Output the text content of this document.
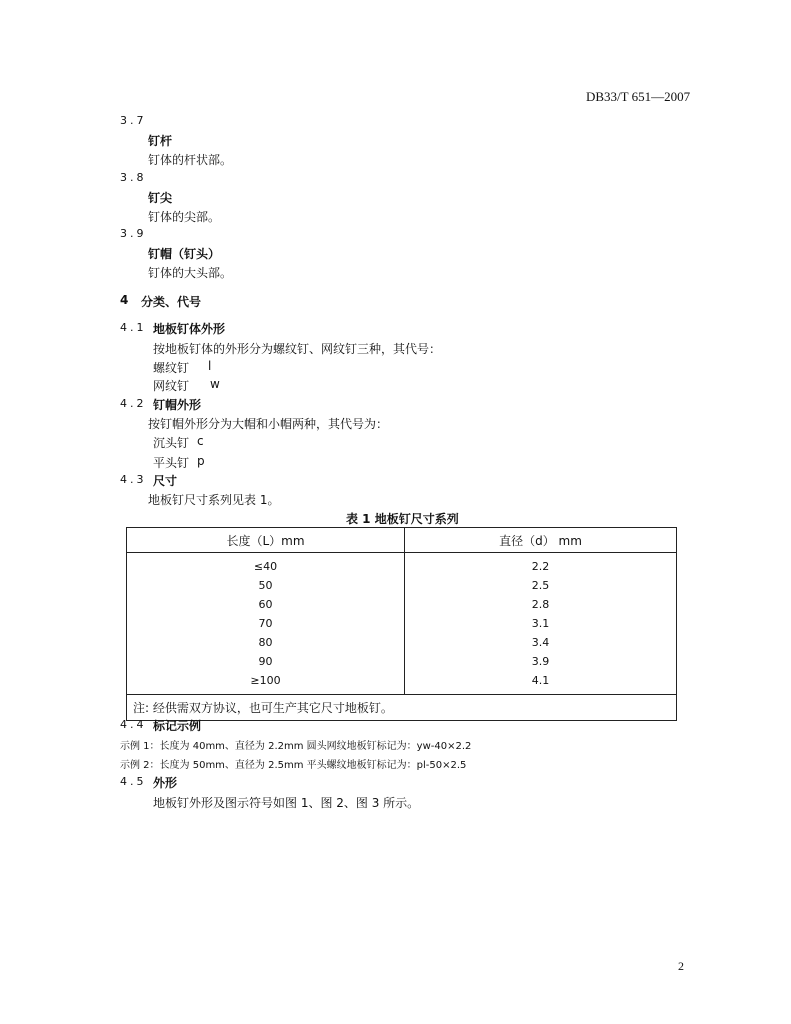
DB33/T 651—2007
3.7
钉杆
钉体的杆状部。
3.8
钉尖
钉体的尖部。
3.9
钉帽（钉头）
钉体的大头部。
4 分类、代号
4.1 地板钉体外形
按地板钉体的外形分为螺纹钉、网纹钉三种，其代号：
螺纹钉 l
网纹钉 w
4.2 钉帽外形
按钉帽外形分为大帽和小帽两种，其代号为：
沉头钉 c
平头钉 p
4.3 尺寸
地板钉尺寸系列见表 1。
表 1 地板钉尺寸系列
长度（L）mm	直径（d） mm
≤40	2.2
50	2.5
60	2.8
70	3.1
80	3.4
90	3.9
≥100	4.1
注: 经供需双方协议，也可生产其它尺寸地板钉。	
4.4 标记示例
示例 1：长度为 40mm、直径为 2.2mm 圆头网纹地板钉标记为：yw-40×2.2
示例 2：长度为 50mm、直径为 2.5mm 平头螺纹地板钉标记为：pl-50×2.5
4.5 外形
地板钉外形及图示符号如图 1、图 2、图 3 所示。
2
